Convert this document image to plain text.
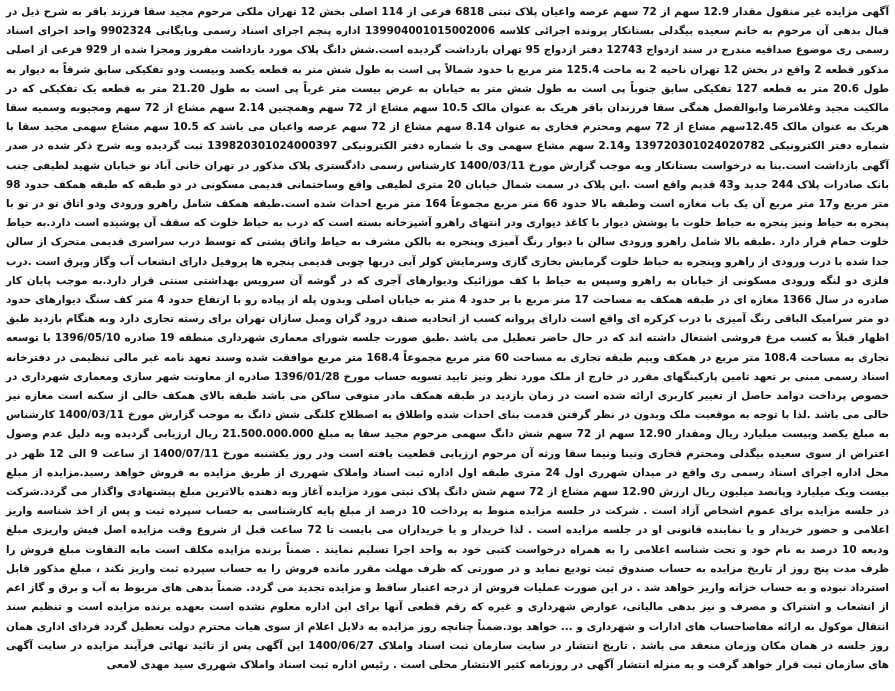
آگهی مزایده غیر منقول مقدار 12.9 سهم از 72 سهم عرصه واعیان پلاک ثبتی 6818 فرعی از 114 اصلی بخش 12 تهران ملکی مرحوم مجید سقا فرزند باقر به شرح ذیل در قبال بدهی آن مرحوم به خانم سعیده بیگدلی بستانکار پرونده اجرائی کلاسه 139904001015002006 اداره پنجم اجرای اسناد رسمی وبایگانی 9902324 واحد اجرای اسناد رسمی ری موضوع صداقیه مندرج در سند ازدواج 12743 دفتر ازدواج 95 تهران بازداشت گردیده است.شش دانگ پلاک مورد بازداشت مفروز ومجزا شده از 929 فرعی از اصلی مذکور قطعه 2 واقع در بخش 12 تهران ناحیه 2 به ماحت 125.4 متر مربع با حدود شمالاً پی است به طول شش متر به قطعه یکصد وبیست ودو تفکیکی سابق شرقاً به دیوار به طول 20.6 متر به قطعه 127 تفکیکی سابق جنوباً پی است به طول شش متر به خیابان به عرض بیست متر غرباً پی است به طول 21.20 متر به قطعه یک تفکیکی که در مالکیت مجید وغلامرضا وابوالفضل همگی سقا فرزندان باقر هریک به عنوان مالک 10.5 سهم مشاع از 72 سهم وهمچنین 2.14 سهم مشاع از 72 سهم ومجیوبه وسمیه سقا هریک به عنوان مالک 12.45سهم مشاع از 72 سهم ومحترم فخاری به عنوان 8.14 سهم مشاع از 72 سهم عرصه واعیان می باشد که 10.5 سهم مشاع سهمی مجید سقا با شماره دفتر الکترونیکی 139720301024020782 و2.14 سهم مشاع سهمی وی با شماره دفتر الکترونیکی 139820301024000397 ثبت گردیده وبه شرح ذکر شده در صدر آگهی بازداشت است.بنا به درخواست بستانکار وبه موجب گزارش مورخ 1400/03/11 کارشناس رسمی دادگستری پلاک مذکور در تهران خانی آباد نو خیابان شهید لطیفی جنب بانک صادرات پلاک 244 جدید و43 قدیم واقع است .این پلاک در سمت شمال خیابان 20 متری لطیفی واقع وساختمانی قدیمی مسکونی در دو طبقه که طبقه همکف حدود 98 متر مربع و17 متر مربع آن یک باب مغازه است وطبقه بالا حدود 66 متر مربع مجموعاً 164 متر مربع احداث شده است.طبقه همکف شامل راهرو ورودی ودو اتاق تو در تو با پنجره به حیاط ونیز پنجره به حیاط خلوت با پوشش دیوار با کاغذ دیواری ودر انتهای راهرو آشپزخانه بسته است که درب به حیاط خلوت که سقف آن پوشیده است دارد.به حیاط خلوت حمام قرار دارد .طبقه بالا شامل راهرو ورودی سالن با دیوار رنگ آمیزی وپنجره به بالکن مشرف به حیاط واتاق پشتی که توسط درب سراسری قدیمی متحرک از سالن جدا شده با درب ورودی از راهرو وپنجره به حیاط خلوت گرمایش بخاری گازی وسرمایش کولر آبی دربها چوبی قدیمی پنجره ها پروفیل دارای انشعاب آب وگاز وبرق است .درب فلزی دو لنگه ورودی مسکونی از خیابان به راهرو وسپس به حیاط با کف موزائیک ودیوارهای آجری که در گوشه آن سرویس بهداشتی سنتی قرار دارد.به موجب پایان کار صادره در سال 1366 مغازه ای در طبقه همکف به مساحت 17 متر مربع با بر حدود 4 متر به خیابان اصلی وبدون پله از پیاده رو با ارتفاع حدود 4 متر کف سنگ دیوارهای حدود دو متر سرامیک الباقی رنگ آمیزی با درب کرکره ای واقع است دارای پروانه کسب از اتحادیه صنف درود گران ومبل سازان تهران برای رسته تجاری دارد وبه هنگام بازدید طبق اظهار قبلاً به کسب مرغ فروشی اشتغال داشته اند که در حال حاضر تعطیل می باشد .طبق صورت جلسه شورای معماری شهرداری منطقه 19 صادره 1396/05/10 با توسعه تجاری به مساحت 108.4 متر مربع در همکف وبیم طبقه تجاری به مساحت 60 متر مربع مجموعاً 168.4 متر مربع موافقت شده وسند تعهد نامه غیر مالی تنظیمی در دفترخانه اسناد رسمی مبنی بر تعهد تامین پارکینگهای مقرر در خارج از ملک مورد نظر ونیز تایید تسویه حساب مورخ 1396/01/28 صادره از معاونت شهر سازی ومعماری شهرداری در خصوص پرداخت دوامد حاصل از تغییر کاربری ارائه شده است در زمان بازدید در طبقه همکف مادر متوفی ساکن می باشد طبقه بالای همکف خالی از سکنه است مغازه نیز خالی می باشد .لذا با توجه به موقعیت ملک وبدون در نظر گرفتن قدمت بنای احداث شده واطلاق به اصطلاح کلنگی شش دانگ به موجب گزارش مورخ 1400/03/11 کارشناس به مبلغ یکصد وبیست میلیارد ریال ومقدار 12.90 سهم از 72 سهم شش دانگ سهمی مرحوم مجید سقا به مبلغ 21.500.000.000 ریال ارزیابی گردیده وبه دلیل عدم وصول اعتراض از سوی سعیده بیگدلی ومحترم فخاری وتینا ونیما سقا ورثه آن مرحوم ارزیابی قطعیت یافته است ودر روز یکشنبه مورخ 1400/07/11 از ساعت 9 الی 12 ظهر در محل اداره اجرای اسناد رسمی ری واقع در میدان شهرری اول 24 متری طبقه اول اداره ثبت اسناد واملاک شهرری از طریق مزایده به فروش خواهد رسید.مزایده از مبلغ بیست ویک میلیارد وپانصد میلیون ریال ارزش 12.90 سهم مشاع از 72 سهم شش دانگ پلاک ثبتی مورد مزایده آغاز وبه دهنده بالاترین مبلغ پیشنهادی واگذار می گردد.شرکت در جلسه مزایده برای عموم اشخاص آزاد است . شرکت در جلسه مزایده منوط به پرداخت 10 درصد از مبلغ پایه کارشناسی به حساب سپرده ثبت و پس از اخذ شناسه واریز اعلامی و حضور خریدار و یا نماینده قانونی او در جلسه مزایده است . لذا خریدار و یا خریداران می بایست تا 72 ساعت قبل از شروع وقت مزایده اصل فیش واریزی مبلغ ودیعه 10 درصد به نام خود و تحت شناسه اعلامی را به همراه درخواست کتبی خود به واحد اجرا تسلیم نمایند . ضمناً برنده مزایده مکلف است مابه التفاوت مبلغ فروش را ظرف مدت پنج روز از تاریخ مزایده به حساب صندوق ثبت تودیع نماید و در صورتی که ظرف مهلت مقرر مانده فروش را به حساب سپرده ثبت واریز نکند ، مبلغ مذکور قابل استرداد نبوده و به حساب خزانه واریز خواهد شد . در این صورت عملیات فروش از درجه اعتبار ساقط و مزایده تجدید می گردد. ضمناً بدهی های مربوط به آب و برق و گاز اعم از انشعاب و اشتراک و مصرف و نیز بدهی مالیاتی، عوارض شهرداری و غیره که رقم قطعی آنها برای این اداره معلوم نشده است بعهده برنده مزایده است و تنظیم سند انتقال موکول به ارائه مفاصاحساب های ادارات و شهرداری و ... خواهد بود.ضمناً چنانچه روز مزایده به دلایل اعلام از سوی هیات محترم دولت تعطیل گردد فردای اداری همان روز جلسه در همان مکان وزمان منعقد می باشد . تاریخ انتشار در سایت سازمان ثبت اسناد واملاک 1400/06/27 این آگهی پس از تائید نهائی فرآیند مزایده در سایت آگهی های سازمان ثبت قرار خواهد گرفت و به منزله انتشار آگهی در روزنامه کثیر الانتشار محلی است . رئیس اداره ثبت اسناد واملاک شهرری سید مهدی لامعی
